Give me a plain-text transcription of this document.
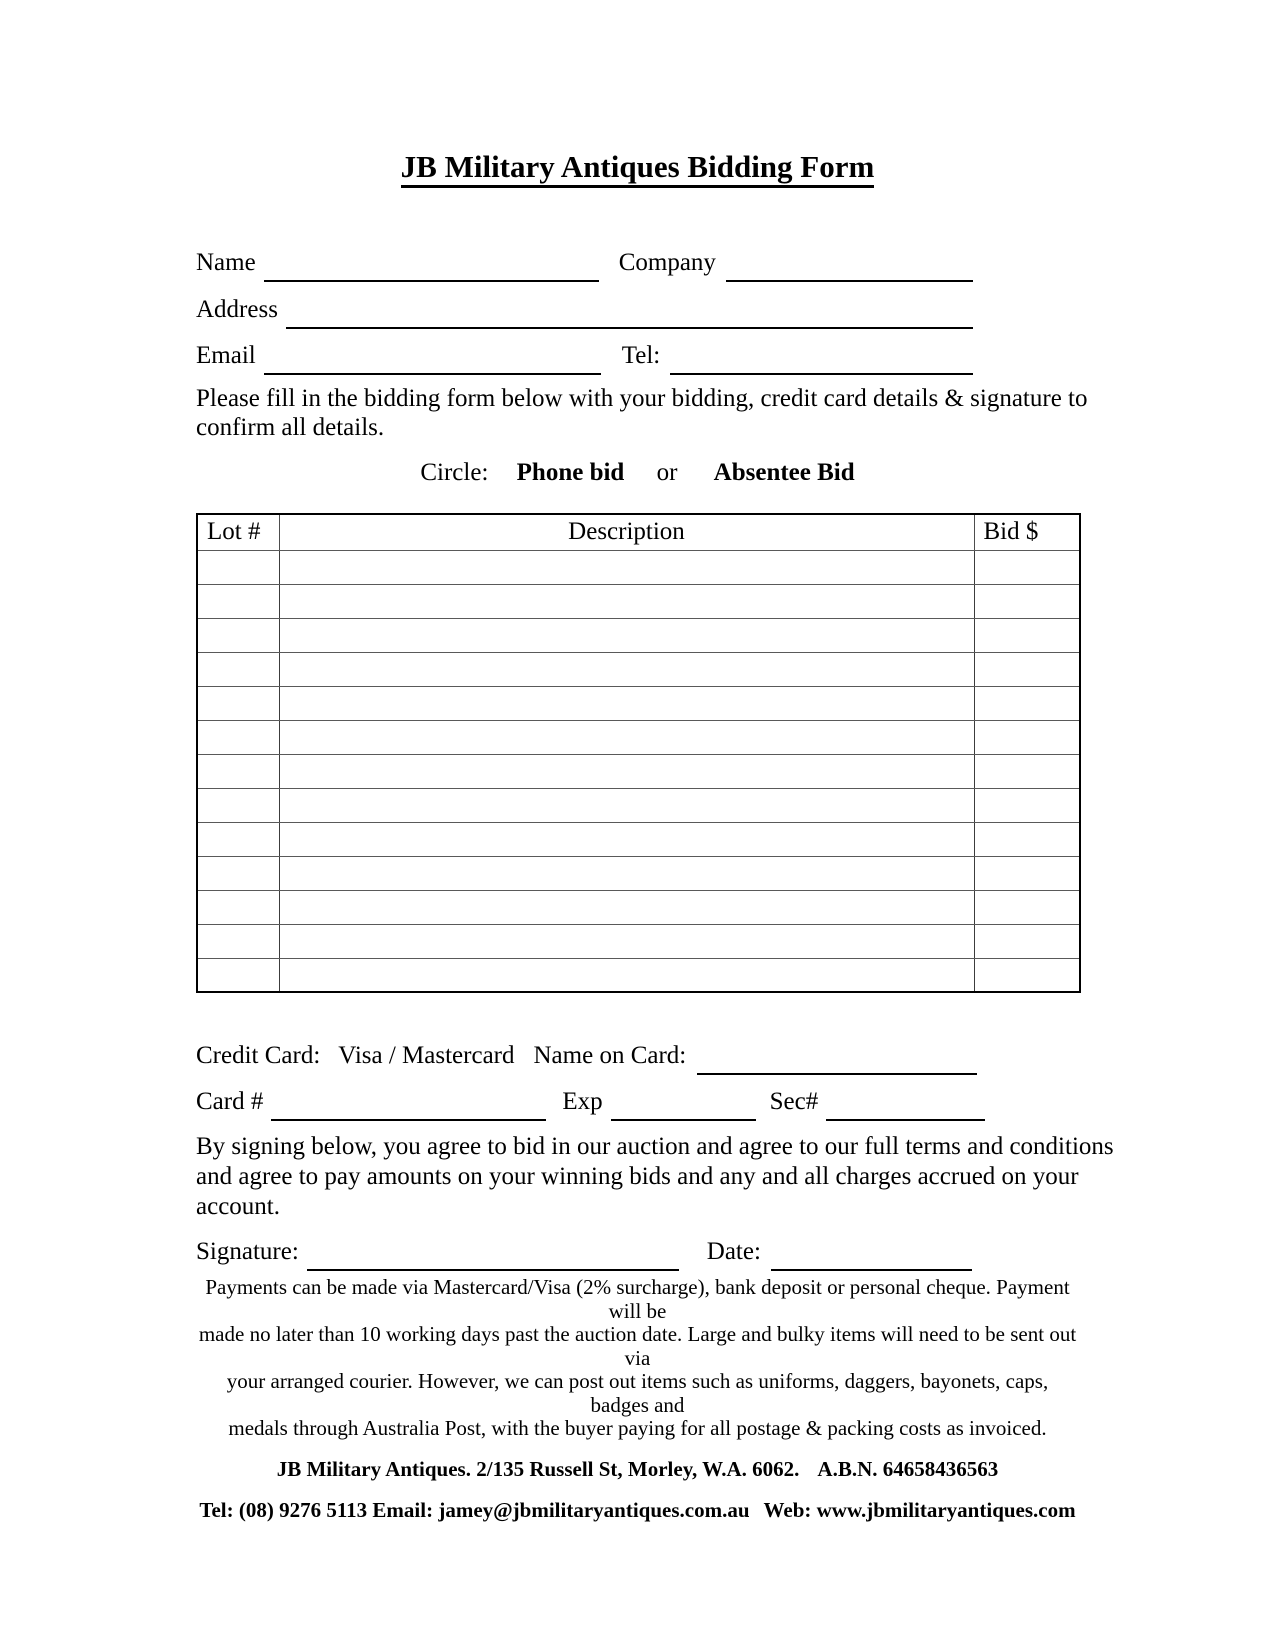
JB Military Antiques Bidding Form
Name	Company
Address
Email	Tel:
Please fill in the bidding form below with your bidding, credit card details & signature to
confirm all details.
Circle: Phone bid or Absentee Bid
Lot #	Description	Bid $

Credit Card: Visa / Mastercard Name on Card:
Card #	Exp	Sec#
By signing below, you agree to bid in our auction and agree to our full terms and conditions
and agree to pay amounts on your winning bids and any and all charges accrued on your
account.
Signature:	Date:
Payments can be made via Mastercard/Visa (2% surcharge), bank deposit or personal cheque. Payment will be
made no later than 10 working days past the auction date. Large and bulky items will need to be sent out via
your arranged courier. However, we can post out items such as uniforms, daggers, bayonets, caps, badges and
medals through Australia Post, with the buyer paying for all postage & packing costs as invoiced.
JB Military Antiques. 2/135 Russell St, Morley, W.A. 6062. A.B.N. 64658436563
Tel: (08) 9276 5113 Email: jamey@jbmilitaryantiques.com.au Web: www.jbmilitaryantiques.com
